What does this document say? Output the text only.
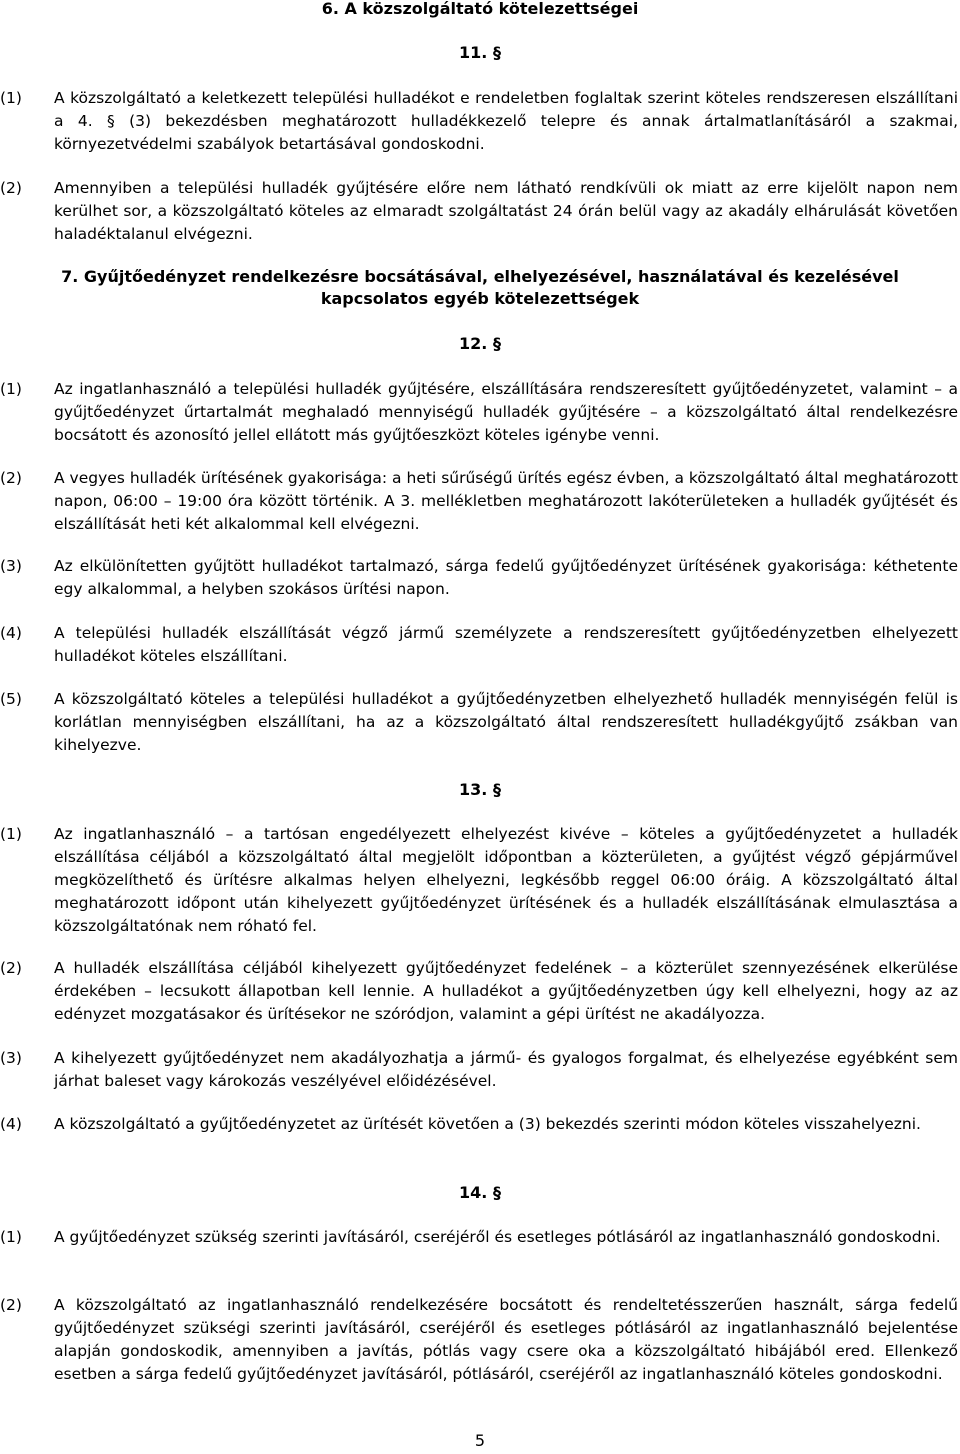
6. A közszolgáltató kötelezettségei
11. §
(1)	A közszolgáltató a keletkezett települési hulladékot e rendeletben foglaltak szerint köteles rendszeresen elszállítani a 4. § (3) bekezdésben meghatározott hulladékkezelő telepre és annak ártalmatlanításáról a szakmai, környezetvédelmi szabályok betartásával gondoskodni.
(2)	Amennyiben a települési hulladék gyűjtésére előre nem látható rendkívüli ok miatt az erre kijelölt napon nem kerülhet sor, a közszolgáltató köteles az elmaradt szolgáltatást 24 órán belül vagy az akadály elhárulását követően haladéktalanul elvégezni.
7. Gyűjtőedényzet rendelkezésre bocsátásával, elhelyezésével, használatával és kezelésével
kapcsolatos egyéb kötelezettségek
12. §
(1)	Az ingatlanhasználó a települési hulladék gyűjtésére, elszállítására rendszeresített gyűjtőedényzetet, valamint – a gyűjtőedényzet űrtartalmát meghaladó mennyiségű hulladék gyűjtésére – a közszolgáltató által rendelkezésre bocsátott és azonosító jellel ellátott más gyűjtőeszközt köteles igénybe venni.
(2)	A vegyes hulladék ürítésének gyakorisága: a heti sűrűségű ürítés egész évben, a közszolgáltató által meghatározott napon, 06:00 – 19:00 óra között történik. A 3. mellékletben meghatározott lakóterületeken a hulladék gyűjtését és elszállítását heti két alkalommal kell elvégezni.
(3)	Az elkülönítetten gyűjtött hulladékot tartalmazó, sárga fedelű gyűjtőedényzet ürítésének gyakorisága: kéthetente egy alkalommal, a helyben szokásos ürítési napon.
(4)	A települési hulladék elszállítását végző jármű személyzete a rendszeresített gyűjtőedényzetben elhelyezett hulladékot köteles elszállítani.
(5)	A közszolgáltató köteles a települési hulladékot a gyűjtőedényzetben elhelyezhető hulladék mennyiségén felül is korlátlan mennyiségben elszállítani, ha az a közszolgáltató által rendszeresített hulladékgyűjtő zsákban van kihelyezve.
13. §
(1)	Az ingatlanhasználó – a tartósan engedélyezett elhelyezést kivéve – köteles a gyűjtőedényzetet a hulladék elszállítása céljából a közszolgáltató által megjelölt időpontban a közterületen, a gyűjtést végző gépjárművel megközelíthető és ürítésre alkalmas helyen elhelyezni, legkésőbb reggel 06:00 óráig. A közszolgáltató által meghatározott időpont után kihelyezett gyűjtőedényzet ürítésének és a hulladék elszállításának elmulasztása a közszolgáltatónak nem róható fel.
(2)	A hulladék elszállítása céljából kihelyezett gyűjtőedényzet fedelének – a közterület szennyezésének elkerülése érdekében – lecsukott állapotban kell lennie. A hulladékot a gyűjtőedényzetben úgy kell elhelyezni, hogy az az edényzet mozgatásakor és ürítésekor ne szóródjon, valamint a gépi ürítést ne akadályozza.
(3)	A kihelyezett gyűjtőedényzet nem akadályozhatja a jármű- és gyalogos forgalmat, és elhelyezése egyébként sem járhat baleset vagy károkozás veszélyével előidézésével.
(4)	A közszolgáltató a gyűjtőedényzetet az ürítését követően a (3) bekezdés szerinti módon köteles visszahelyezni.
14. §
(1)	A gyűjtőedényzet szükség szerinti javításáról, cseréjéről és esetleges pótlásáról az ingatlanhasználó gondoskodni.
(2)	A közszolgáltató az ingatlanhasználó rendelkezésére bocsátott és rendeltetésszerűen használt, sárga fedelű gyűjtőedényzet szükségi szerinti javításáról, cseréjéről és esetleges pótlásáról az ingatlanhasználó bejelentése alapján gondoskodik, amennyiben a javítás, pótlás vagy csere oka a közszolgáltató hibájából ered. Ellenkező esetben a sárga fedelű gyűjtőedényzet javításáról, pótlásáról, cseréjéről az ingatlanhasználó köteles gondoskodni.
5
